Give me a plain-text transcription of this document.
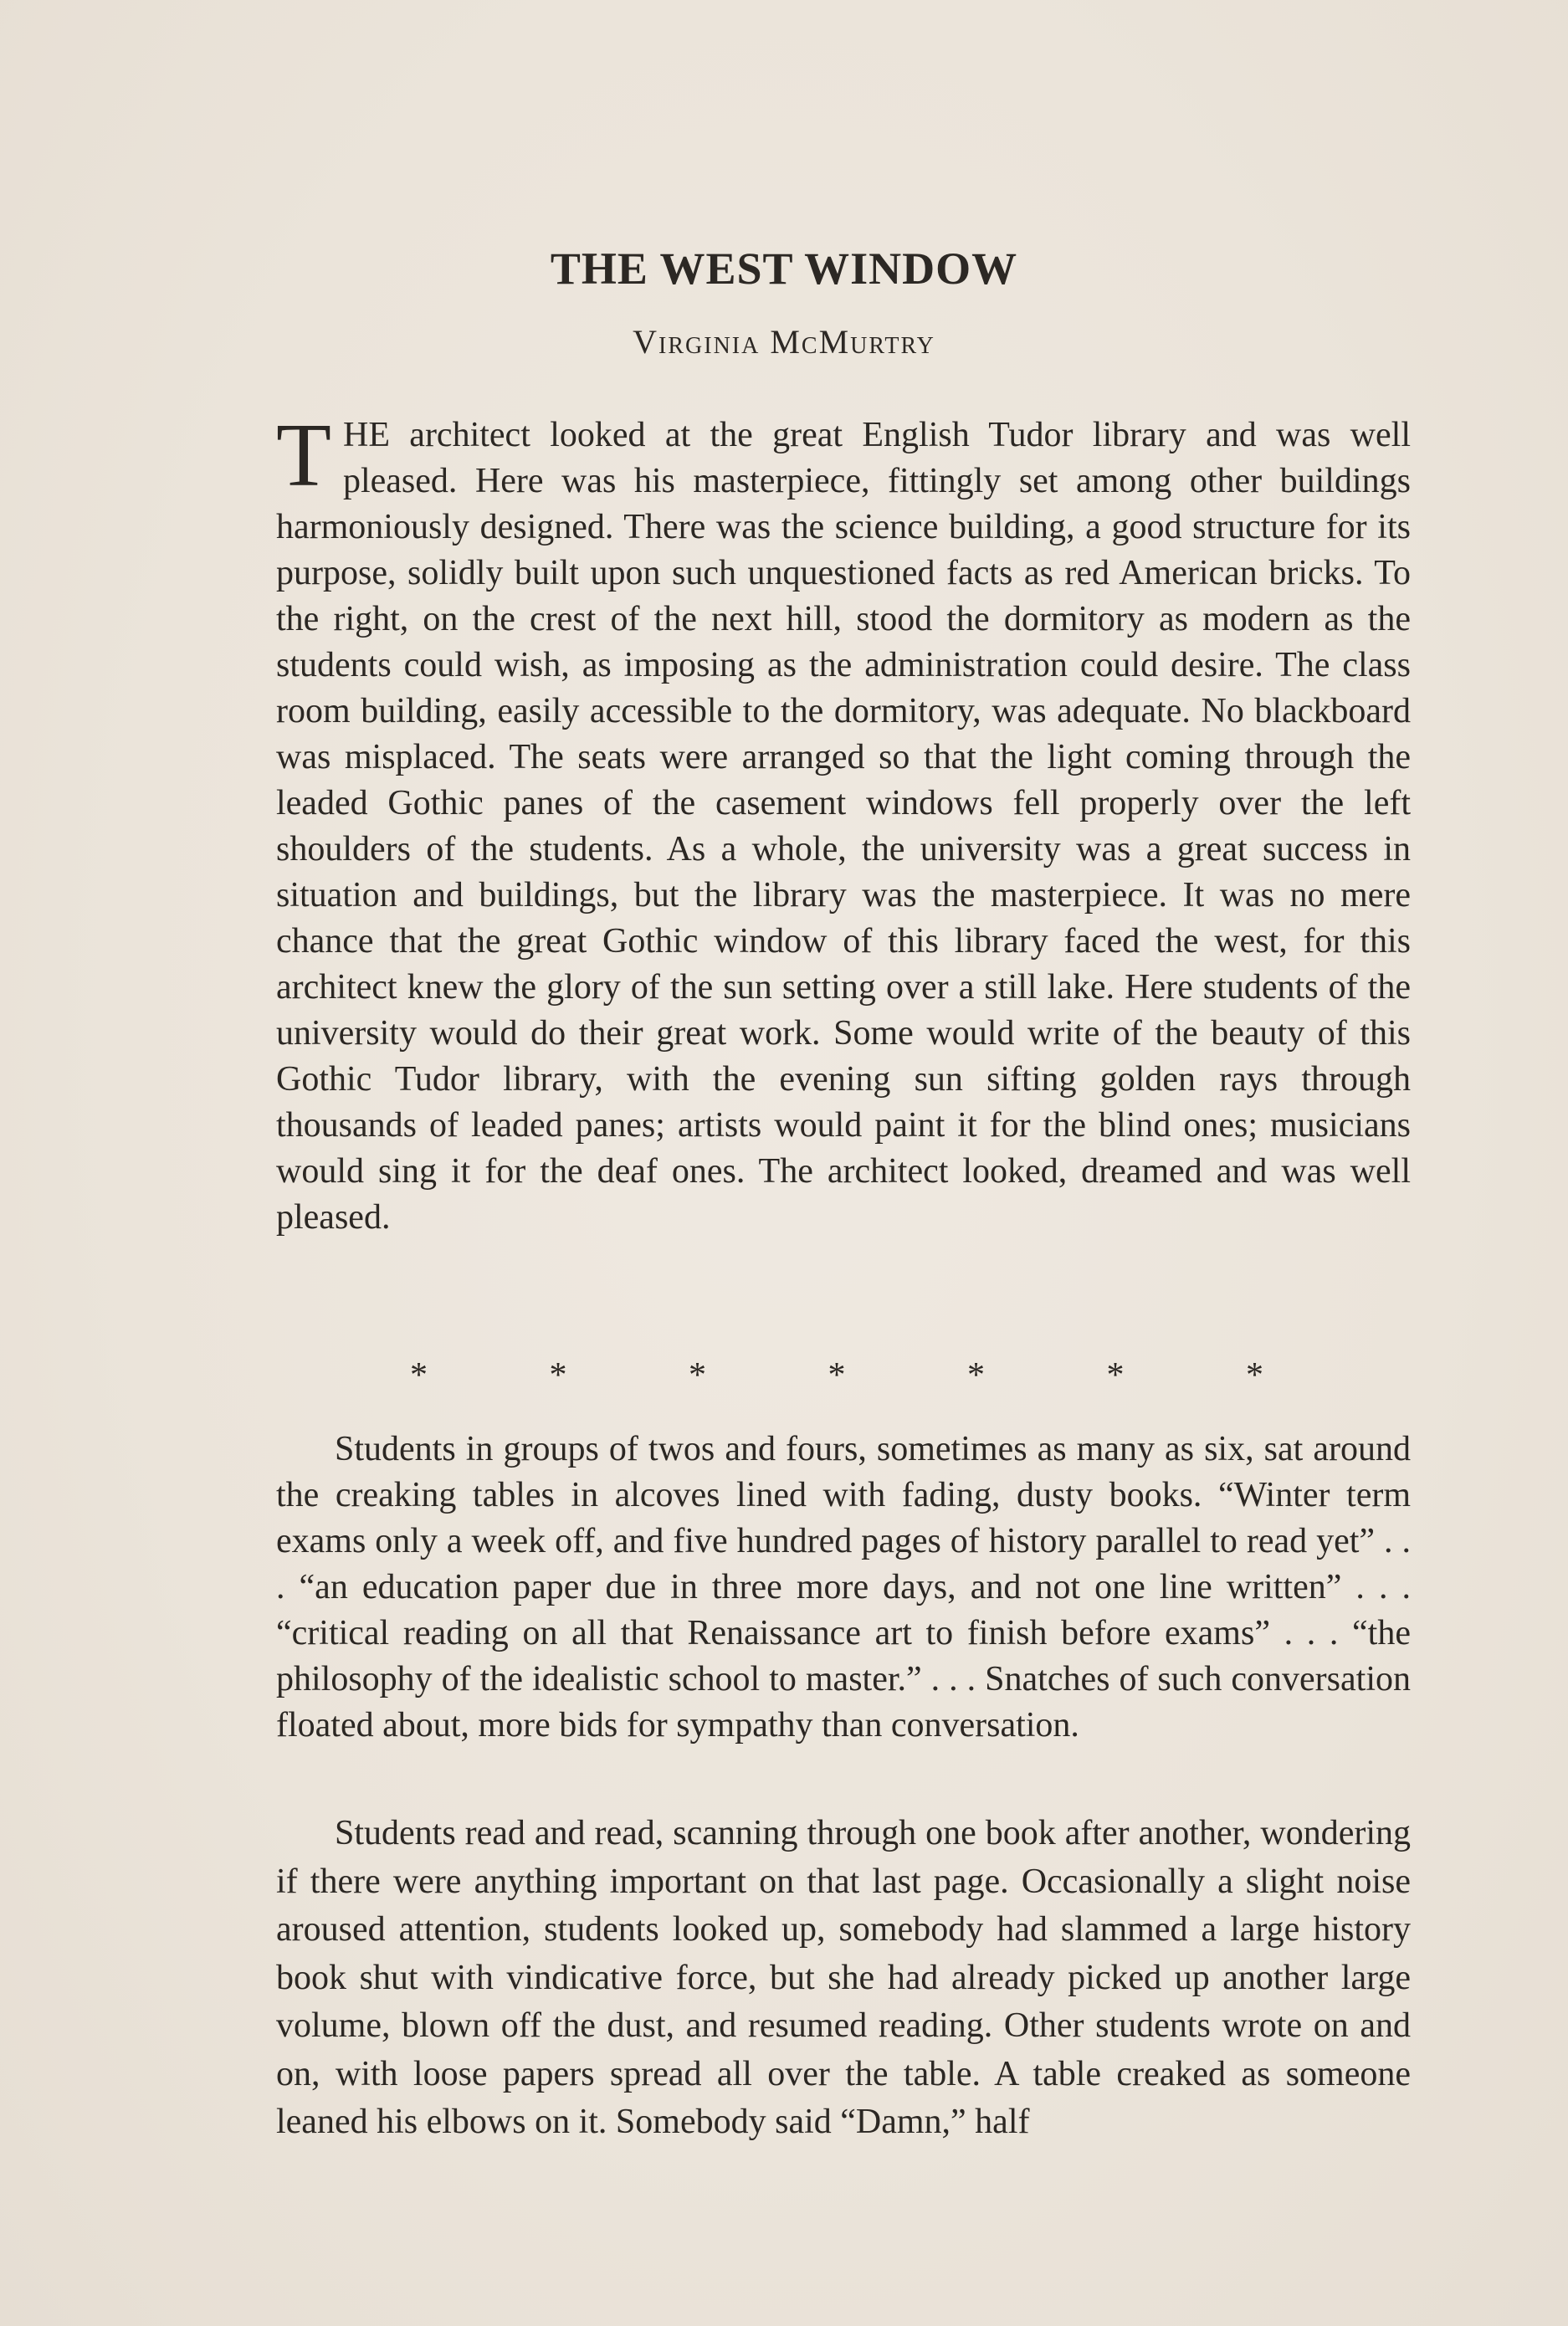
THE WEST WINDOW
Virginia McMurtry

THE architect looked at the great English Tudor library and was well pleased. Here was his masterpiece, fittingly set among other buildings harmoniously designed. There was the science building, a good structure for its purpose, solidly built upon such unquestioned facts as red American bricks. To the right, on the crest of the next hill, stood the dormitory as modern as the students could wish, as imposing as the administration could desire. The class room building, easily accessible to the dormitory, was adequate. No blackboard was misplaced. The seats were arranged so that the light coming through the leaded Gothic panes of the casement windows fell properly over the left shoulders of the students. As a whole, the university was a great success in situation and buildings, but the library was the masterpiece. It was no mere chance that the great Gothic window of this library faced the west, for this architect knew the glory of the sun setting over a still lake. Here students of the university would do their great work. Some would write of the beauty of this Gothic Tudor library, with the evening sun sifting golden rays through thousands of leaded panes; artists would paint it for the blind ones; musicians would sing it for the deaf ones. The architect looked, dreamed and was well pleased.

*	*	*	*	*	*	*

Students in groups of twos and fours, sometimes as many as six, sat around the creaking tables in alcoves lined with fading, dusty books. “Winter term exams only a week off, and five hundred pages of history parallel to read yet” . . . “an education paper due in three more days, and not one line written” . . . “critical reading on all that Renaissance art to finish before exams” . . . “the philosophy of the idealistic school to master.” . . . Snatches of such conversation floated about, more bids for sympathy than conversation.

Students read and read, scanning through one book after another, wondering if there were anything important on that last page. Occasionally a slight noise aroused attention, students looked up, somebody had slammed a large history book shut with vindicative force, but she had already picked up another large volume, blown off the dust, and resumed reading. Other students wrote on and on, with loose papers spread all over the table. A table creaked as someone leaned his elbows on it. Somebody said “Damn,” half
